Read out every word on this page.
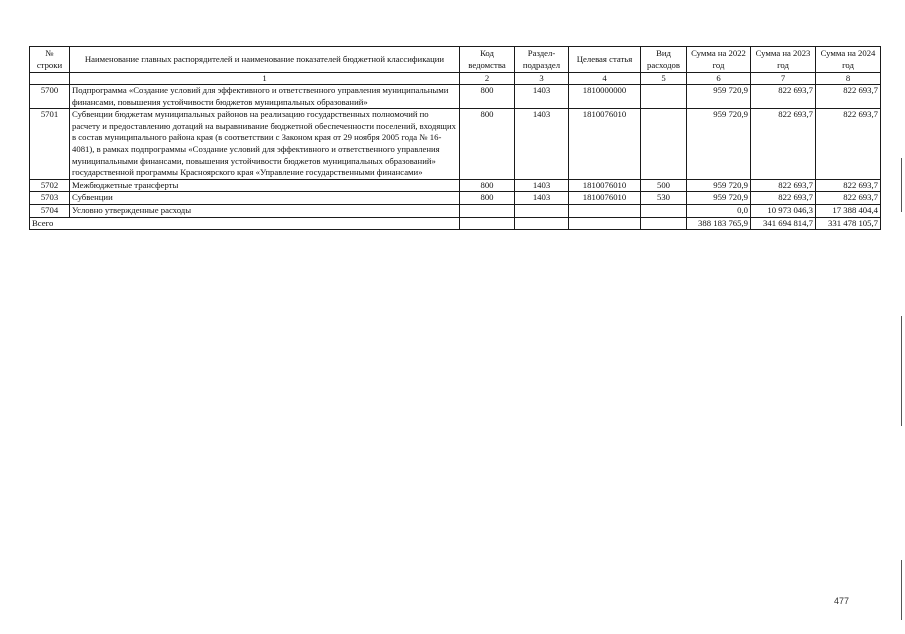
№ строки	Наименование главных распорядителей и наименование показателей бюджетной классификации	Код ведомства	Раздел-подраздел	Целевая статья	Вид расходов	Сумма на 2022 год	Сумма на 2023 год	Сумма на 2024 год
	1	2	3	4	5	6	7	8
5700	Подпрограмма «Создание условий для эффективного и ответственного управления муниципальными финансами, повышения устойчивости бюджетов муниципальных образований»	800	1403	1810000000		959 720,9	822 693,7	822 693,7
5701	Субвенции бюджетам муниципальных районов на реализацию государственных полномочий по расчету и предоставлению дотаций на выравнивание бюджетной обеспеченности поселений, входящих в состав муниципального района края (в соответствии с Законом края от 29 ноября 2005 года № 16-4081), в рамках подпрограммы «Создание условий для эффективного и ответственного управления муниципальными финансами, повышения устойчивости бюджетов муниципальных образований» государственной программы Красноярского края «Управление государственными финансами»	800	1403	1810076010		959 720,9	822 693,7	822 693,7
5702	Межбюджетные трансферты	800	1403	1810076010	500	959 720,9	822 693,7	822 693,7
5703	Субвенции	800	1403	1810076010	530	959 720,9	822 693,7	822 693,7
5704	Условно утвержденные расходы					0,0	10 973 046,3	17 388 404,4
Всего						388 183 765,9	341 694 814,7	331 478 105,7
477
